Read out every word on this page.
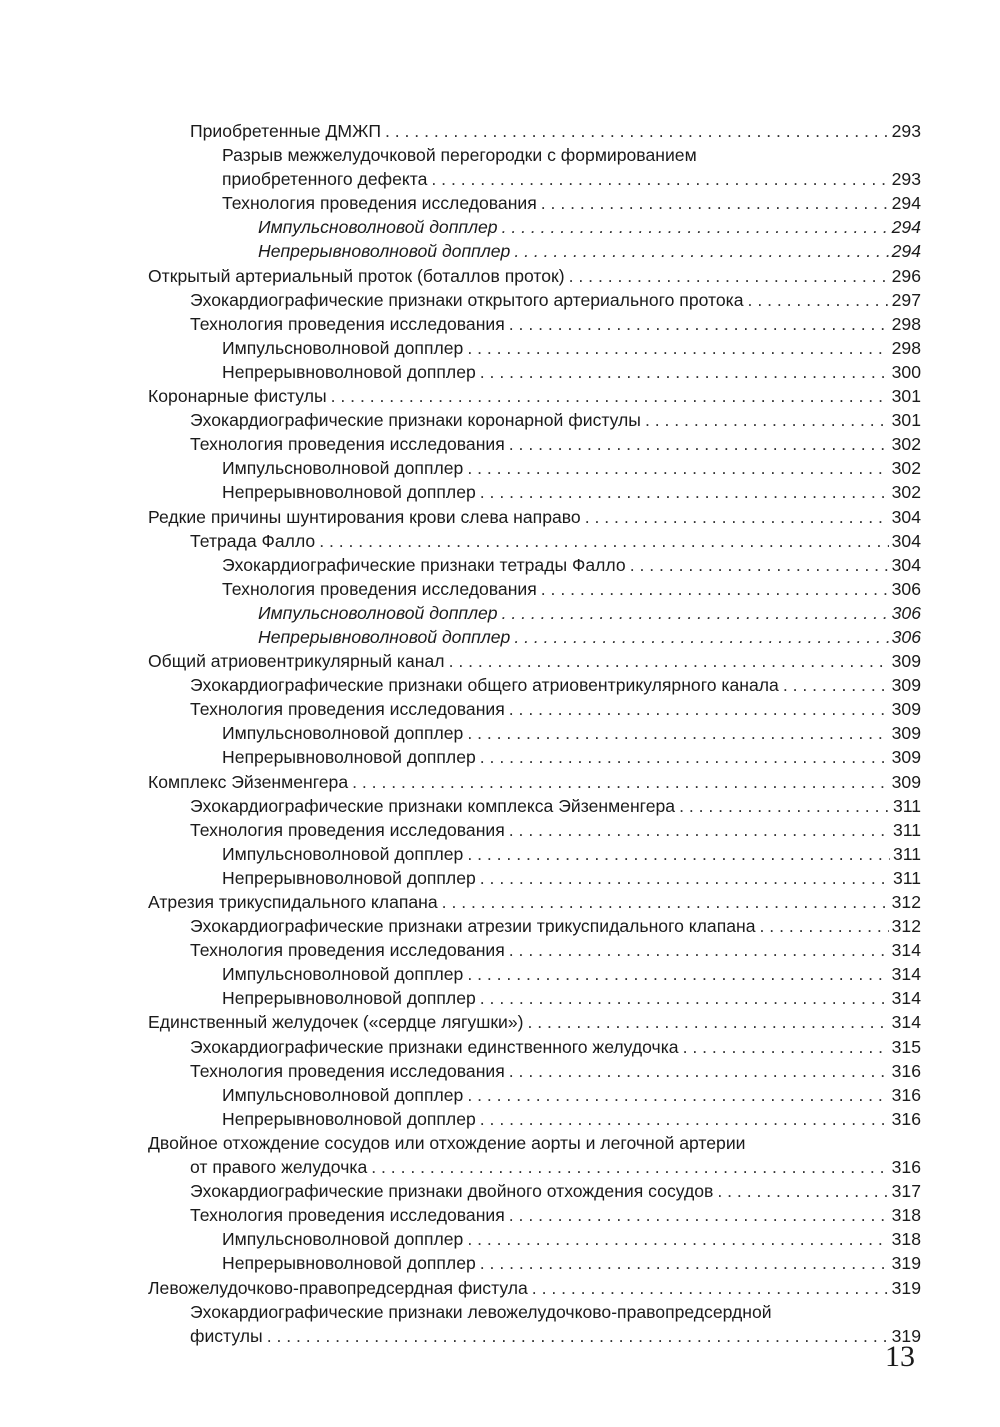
Приобретенные ДМЖП . . .	293
Разрыв межжелудочковой перегородки с формированием
приобретенного дефекта . . .	293
Технология проведения исследования . . .	294
Импульсноволновой допплер . . .	294
Непрерывноволновой допплер . . .	294
Открытый артериальный проток (боталлов проток) . . .	296
Эхокардиографические признаки открытого артериального протока . . .	297
Технология проведения исследования . . .	298
Импульсноволновой допплер . . .	298
Непрерывноволновой допплер . . .	300
Коронарные фистулы . . .	301
Эхокардиографические признаки коронарной фистулы . . .	301
Технология проведения исследования . . .	302
Импульсноволновой допплер . . .	302
Непрерывноволновой допплер . . .	302
Редкие причины шунтирования крови слева направо . . .	304
Тетрада Фалло . . .	304
Эхокардиографические признаки тетрады Фалло . . .	304
Технология проведения исследования . . .	306
Импульсноволновой допплер . . .	306
Непрерывноволновой допплер . . .	306
Общий атриовентрикулярный канал . . .	309
Эхокардиографические признаки общего атриовентрикулярного канала . . .	309
Технология проведения исследования . . .	309
Импульсноволновой допплер . . .	309
Непрерывноволновой допплер . . .	309
Комплекс Эйзенменгера . . .	309
Эхокардиографические признаки комплекса Эйзенменгера . . .	311
Технология проведения исследования . . .	311
Импульсноволновой допплер . . .	311
Непрерывноволновой допплер . . .	311
Атрезия трикуспидального клапана . . .	312
Эхокардиографические признаки атрезии трикуспидального клапана . . .	312
Технология проведения исследования . . .	314
Импульсноволновой допплер . . .	314
Непрерывноволновой допплер . . .	314
Единственный желудочек («сердце лягушки») . . .	314
Эхокардиографические признаки единственного желудочка . . .	315
Технология проведения исследования . . .	316
Импульсноволновой допплер . . .	316
Непрерывноволновой допплер . . .	316
Двойное отхождение сосудов или отхождение аорты и легочной артерии
от правого желудочка . . .	316
Эхокардиографические признаки двойного отхождения сосудов . . .	317
Технология проведения исследования . . .	318
Импульсноволновой допплер . . .	318
Непрерывноволновой допплер . . .	319
Левожелудочково-правопредсердная фистула . . .	319
Эхокардиографические признаки левожелудочково-правопредсердной
фистулы . . .	319
13
